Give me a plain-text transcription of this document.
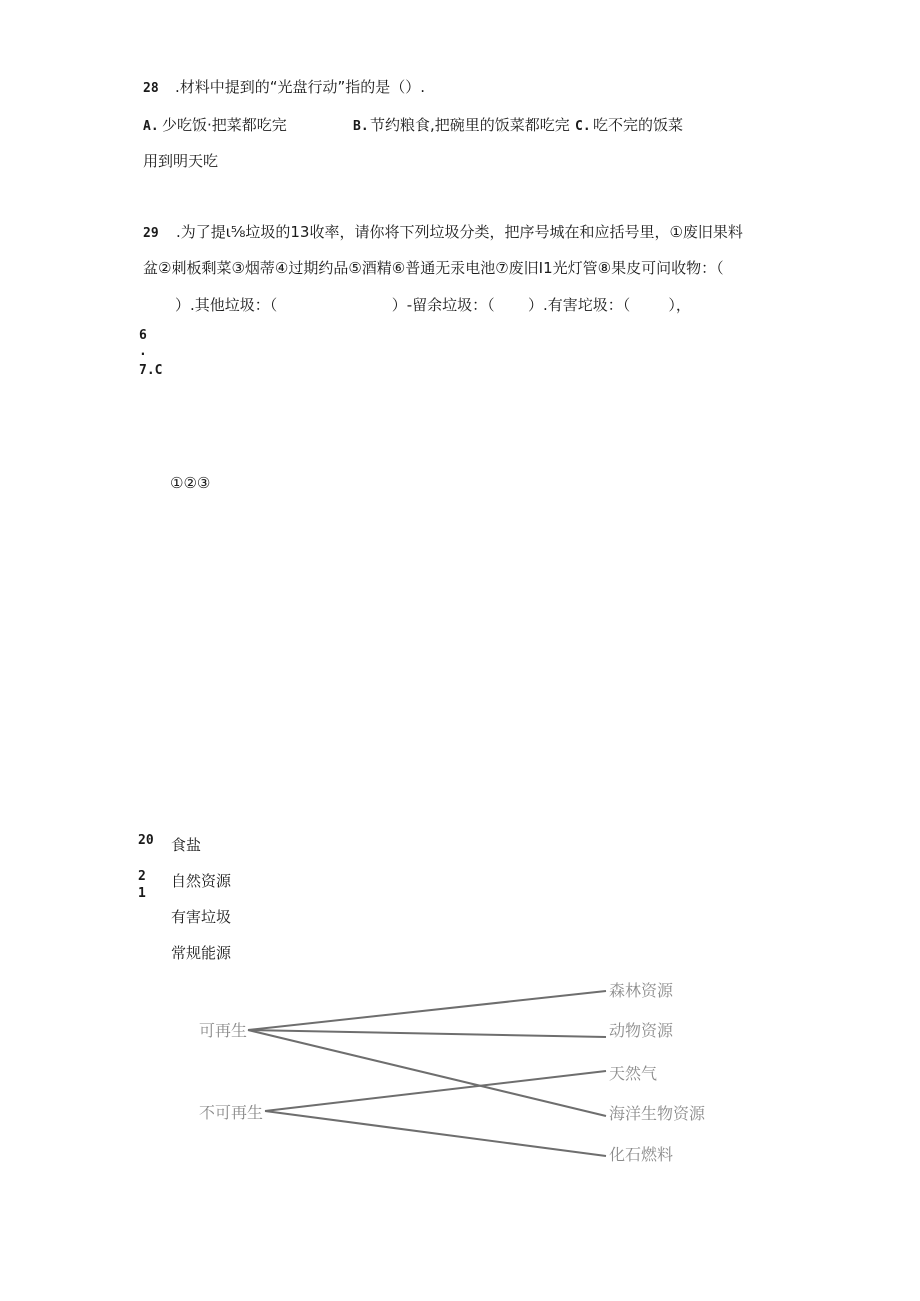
28 .材料中提到的“光盘行动”指的是（）.
A. 少吃饭·把菜都吃完	B. 节约粮食,把碗里的饭菜都吃完 C. 吃不完的饭菜
用到明天吃
29 .为了提ι⅝垃圾的13收率，请你将下列垃圾分类，把序号城在和应括号里，①废旧果料
盆②刺板剩菜③烟蒂④过期约品⑤酒精⑥普通无汞电池⑦废旧I1光灯管⑧果皮可问收物：（
）.其他垃圾：（                        ）-留余垃圾：（       ）.有害坨圾：（        ），
6
.
7.C
①②③
20
2
1
食盐
自然资源
有害垃圾
常规能源
可再生
不可再生
森林资源
动物资源
天然气
海洋生物资源
化石燃料
